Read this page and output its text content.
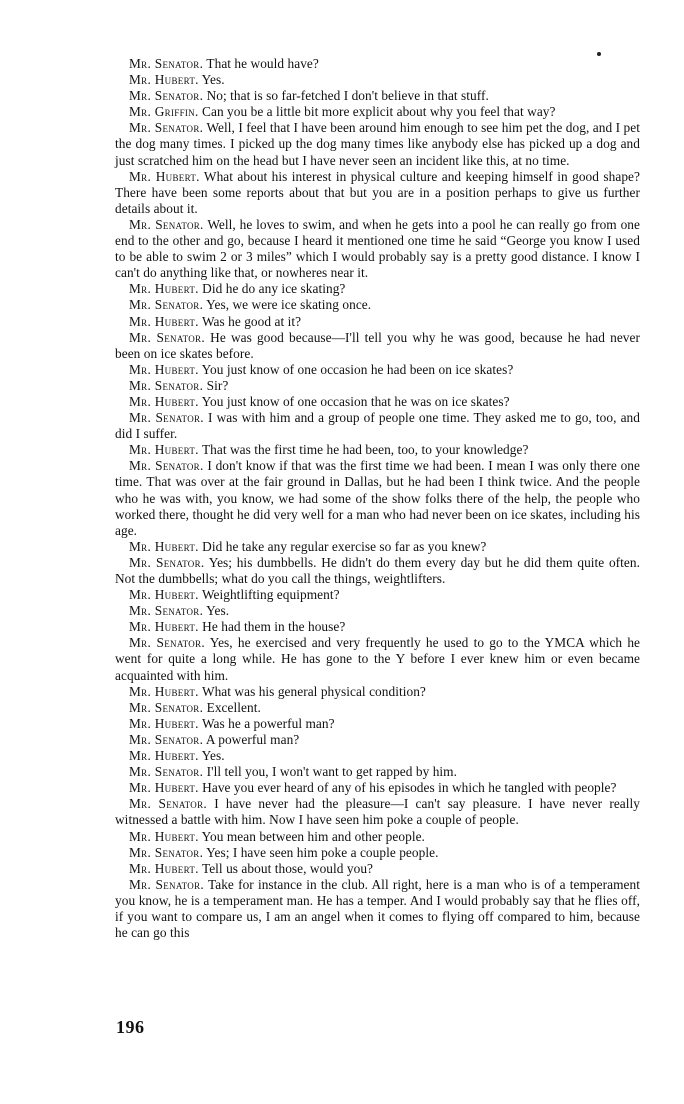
Mr. Senator. That he would have?

Mr. Hubert. Yes.

Mr. Senator. No; that is so far-fetched I don't believe in that stuff.

Mr. Griffin. Can you be a little bit more explicit about why you feel that way?

Mr. Senator. Well, I feel that I have been around him enough to see him pet the dog, and I pet the dog many times. I picked up the dog many times like anybody else has picked up a dog and just scratched him on the head but I have never seen an incident like this, at no time.

Mr. Hubert. What about his interest in physical culture and keeping himself in good shape? There have been some reports about that but you are in a position perhaps to give us further details about it.

Mr. Senator. Well, he loves to swim, and when he gets into a pool he can really go from one end to the other and go, because I heard it mentioned one time he said “George you know I used to be able to swim 2 or 3 miles” which I would probably say is a pretty good distance. I know I can't do anything like that, or nowheres near it.

Mr. Hubert. Did he do any ice skating?

Mr. Senator. Yes, we were ice skating once.

Mr. Hubert. Was he good at it?

Mr. Senator. He was good because—I'll tell you why he was good, because he had never been on ice skates before.

Mr. Hubert. You just know of one occasion he had been on ice skates?

Mr. Senator. Sir?

Mr. Hubert. You just know of one occasion that he was on ice skates?

Mr. Senator. I was with him and a group of people one time. They asked me to go, too, and did I suffer.

Mr. Hubert. That was the first time he had been, too, to your knowledge?

Mr. Senator. I don't know if that was the first time we had been. I mean I was only there one time. That was over at the fair ground in Dallas, but he had been I think twice. And the people who he was with, you know, we had some of the show folks there of the help, the people who worked there, thought he did very well for a man who had never been on ice skates, including his age.

Mr. Hubert. Did he take any regular exercise so far as you knew?

Mr. Senator. Yes; his dumbbells. He didn't do them every day but he did them quite often. Not the dumbbells; what do you call the things, weightlifters.

Mr. Hubert. Weightlifting equipment?

Mr. Senator. Yes.

Mr. Hubert. He had them in the house?

Mr. Senator. Yes, he exercised and very frequently he used to go to the YMCA which he went for quite a long while. He has gone to the Y before I ever knew him or even became acquainted with him.

Mr. Hubert. What was his general physical condition?

Mr. Senator. Excellent.

Mr. Hubert. Was he a powerful man?

Mr. Senator. A powerful man?

Mr. Hubert. Yes.

Mr. Senator. I'll tell you, I won't want to get rapped by him.

Mr. Hubert. Have you ever heard of any of his episodes in which he tangled with people?

Mr. Senator. I have never had the pleasure—I can't say pleasure. I have never really witnessed a battle with him. Now I have seen him poke a couple of people.

Mr. Hubert. You mean between him and other people.

Mr. Senator. Yes; I have seen him poke a couple people.

Mr. Hubert. Tell us about those, would you?

Mr. Senator. Take for instance in the club. All right, here is a man who is of a temperament you know, he is a temperament man. He has a temper. And I would probably say that he flies off, if you want to compare us, I am an angel when it comes to flying off compared to him, because he can go this

196
